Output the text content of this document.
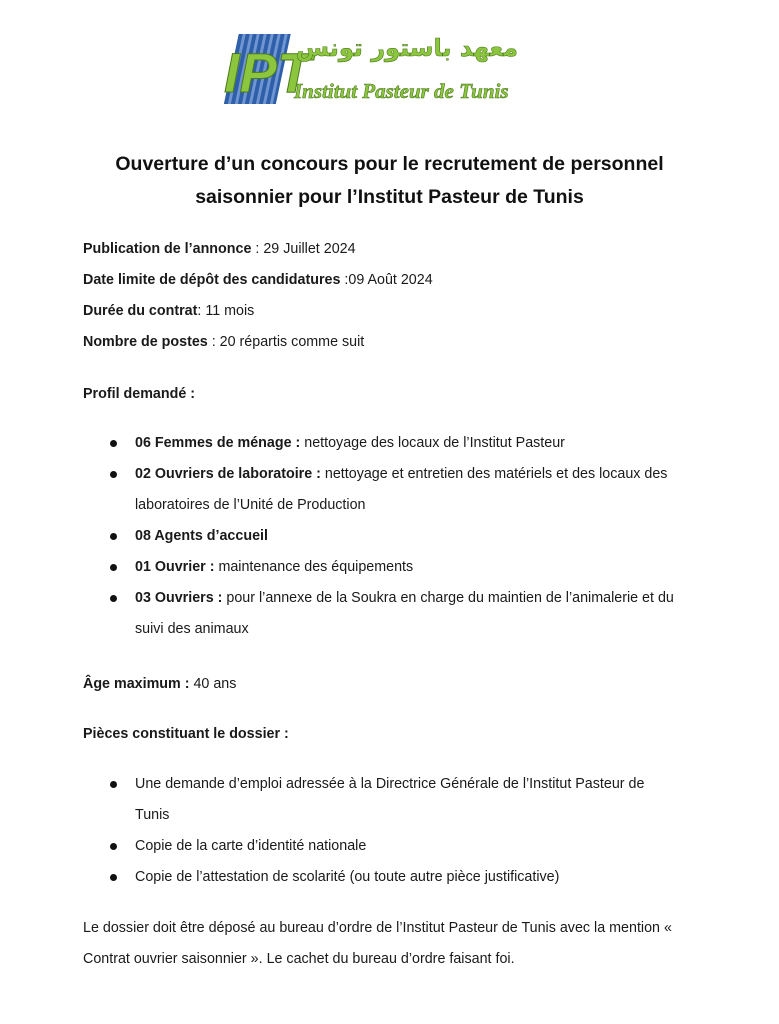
IPT
معهد باستور تونس
Institut Pasteur de Tunis
Ouverture d’un concours pour le recrutement de personnel
saisonnier pour l’Institut Pasteur de Tunis
Publication de l’annonce : 29 Juillet 2024
Date limite de dépôt des candidatures :09 Août 2024
Durée du contrat: 11 mois
Nombre de postes : 20 répartis comme suit
Profil demandé :
06 Femmes de ménage : nettoyage des locaux de l’Institut Pasteur
02 Ouvriers de laboratoire : nettoyage et entretien des matériels et des locaux des laboratoires de l’Unité de Production
08 Agents d’accueil
01 Ouvrier : maintenance des équipements
03 Ouvriers : pour l’annexe de la Soukra en charge du maintien de l’animalerie et du suivi des animaux
Âge maximum : 40 ans
Pièces constituant le dossier :
Une demande d’emploi adressée à la Directrice Générale de l’Institut Pasteur de Tunis
Copie de la carte d’identité nationale
Copie de l’attestation de scolarité (ou toute autre pièce justificative)
Le dossier doit être déposé au bureau d’ordre de l’Institut Pasteur de Tunis avec la mention « Contrat ouvrier saisonnier ». Le cachet du bureau d’ordre faisant foi.
